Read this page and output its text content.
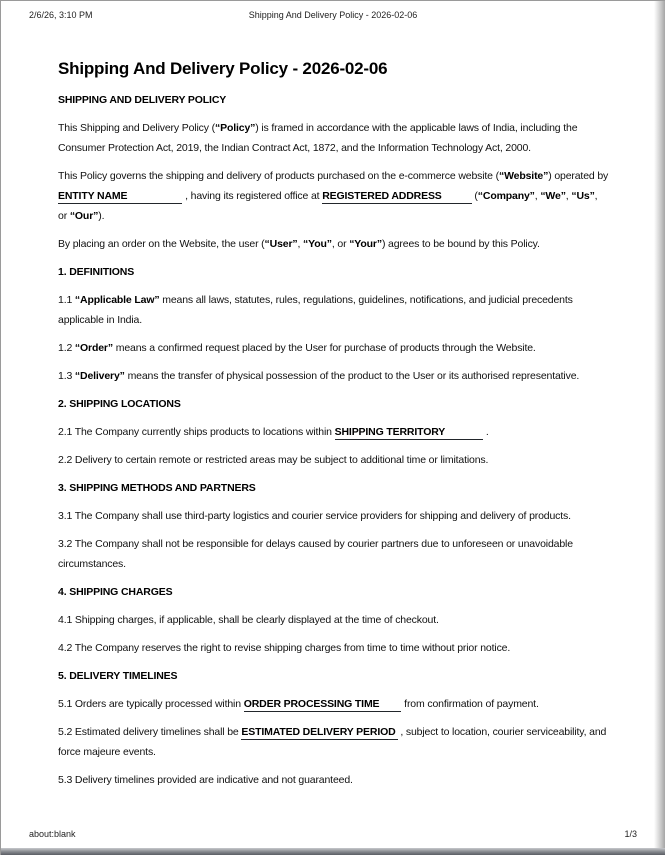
2/6/26, 3:10 PM	Shipping And Delivery Policy - 2026-02-06
Shipping And Delivery Policy - 2026-02-06
SHIPPING AND DELIVERY POLICY

This Shipping and Delivery Policy (“Policy”) is framed in accordance with the applicable laws of India, including the Consumer Protection Act, 2019, the Indian Contract Act, 1872, and the Information Technology Act, 2000.

This Policy governs the shipping and delivery of products purchased on the e-commerce website (“Website”) operated by ENTITY NAME	, having its registered office at REGISTERED ADDRESS	(“Company”, “We”, “Us”, or “Our”).

By placing an order on the Website, the user (“User”, “You”, or “Your”) agrees to be bound by this Policy.

1. DEFINITIONS

1.1 “Applicable Law” means all laws, statutes, rules, regulations, guidelines, notifications, and judicial precedents applicable in India.

1.2 “Order” means a confirmed request placed by the User for purchase of products through the Website.

1.3 “Delivery” means the transfer of physical possession of the product to the User or its authorised representative.

2. SHIPPING LOCATIONS

2.1 The Company currently ships products to locations within SHIPPING TERRITORY	.

2.2 Delivery to certain remote or restricted areas may be subject to additional time or limitations.

3. SHIPPING METHODS AND PARTNERS

3.1 The Company shall use third-party logistics and courier service providers for shipping and delivery of products.

3.2 The Company shall not be responsible for delays caused by courier partners due to unforeseen or unavoidable circumstances.

4. SHIPPING CHARGES

4.1 Shipping charges, if applicable, shall be clearly displayed at the time of checkout.

4.2 The Company reserves the right to revise shipping charges from time to time without prior notice.

5. DELIVERY TIMELINES

5.1 Orders are typically processed within ORDER PROCESSING TIME from confirmation of payment.

5.2 Estimated delivery timelines shall be ESTIMATED DELIVERY PERIOD , subject to location, courier serviceability, and force majeure events.

5.3 Delivery timelines provided are indicative and not guaranteed.

about:blank	1/3
